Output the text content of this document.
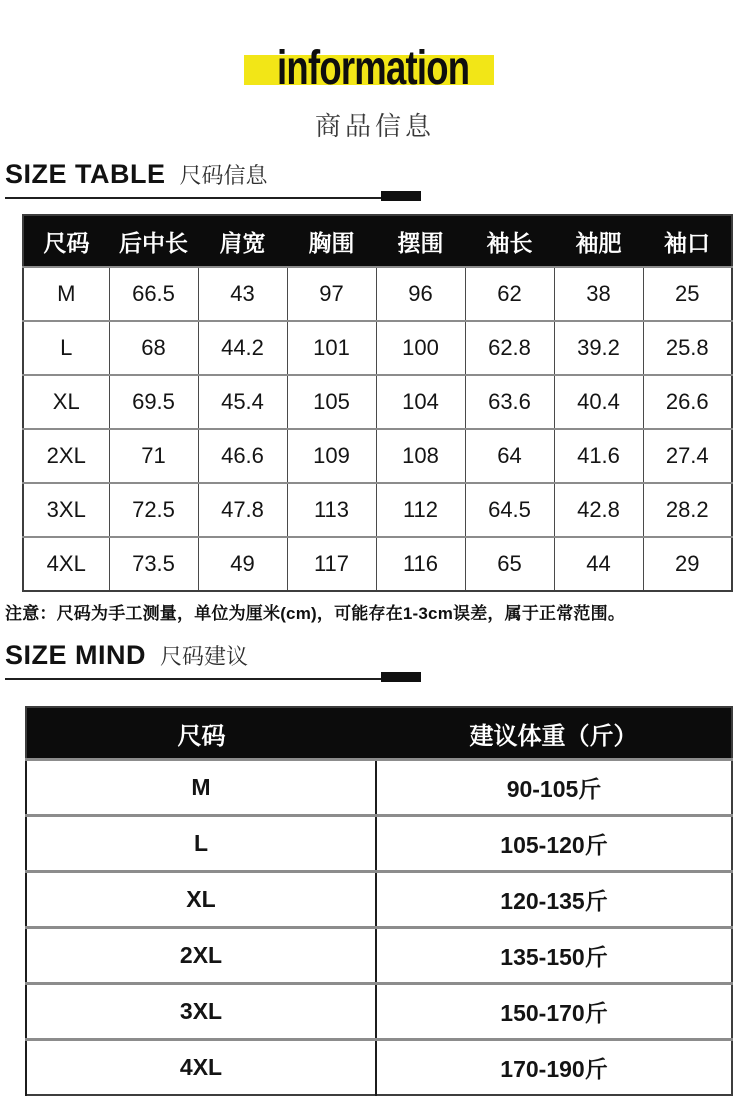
information
商品信息
SIZE TABLE 尺码信息
尺码	后中长	肩宽	胸围	摆围	袖长	袖肥	袖口
M	66.5	43	97	96	62	38	25
L	68	44.2	101	100	62.8	39.2	25.8
XL	69.5	45.4	105	104	63.6	40.4	26.6
2XL	71	46.6	109	108	64	41.6	27.4
3XL	72.5	47.8	113	112	64.5	42.8	28.2
4XL	73.5	49	117	116	65	44	29
注意：尺码为手工测量，单位为厘米(cm)，可能存在1-3cm误差，属于正常范围。
SIZE MIND 尺码建议
尺码	建议体重（斤）
M	90-105斤
L	105-120斤
XL	120-135斤
2XL	135-150斤
3XL	150-170斤
4XL	170-190斤
